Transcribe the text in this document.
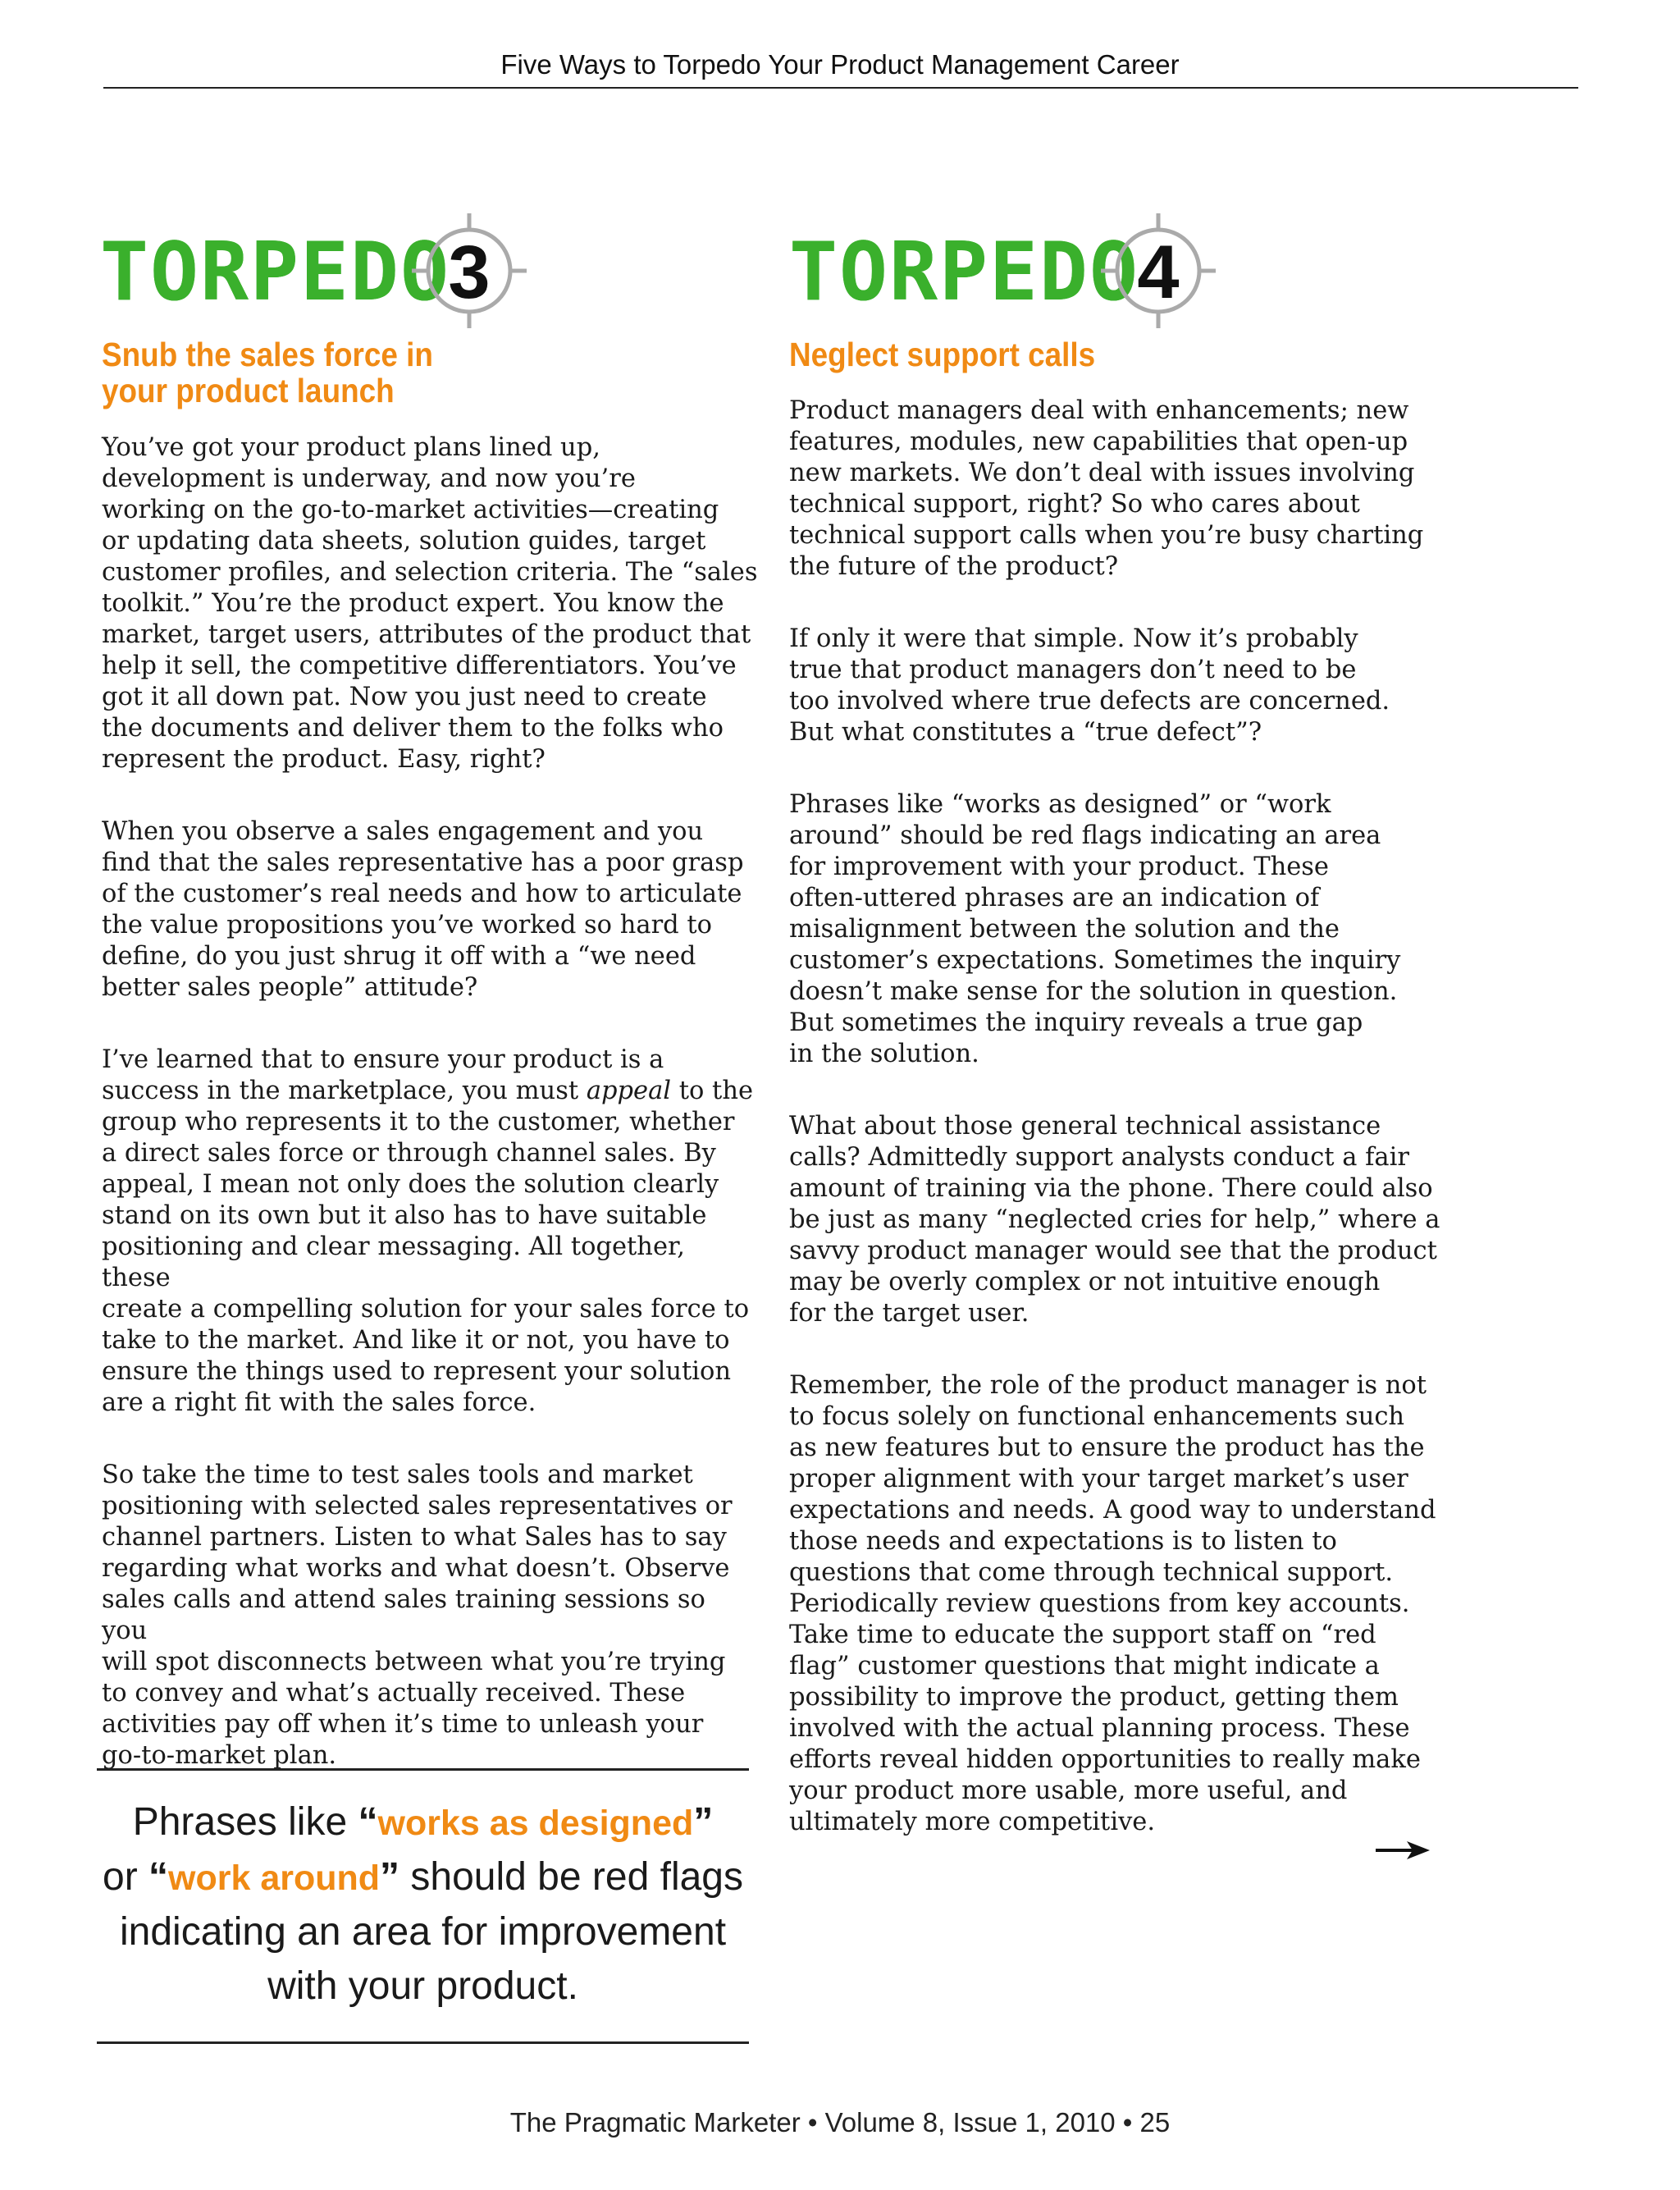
Five Ways to Torpedo Your Product Management Career
TORPEDO
3
Snub the sales force in
your product launch

You’ve got your product plans lined up,
development is underway, and now you’re
working on the go-to-market activities—creating
or updating data sheets, solution guides, target
customer profiles, and selection criteria. The “sales
toolkit.” You’re the product expert. You know the
market, target users, attributes of the product that
help it sell, the competitive differentiators. You’ve
got it all down pat. Now you just need to create
the documents and deliver them to the folks who
represent the product. Easy, right?

When you observe a sales engagement and you
find that the sales representative has a poor grasp
of the customer’s real needs and how to articulate
the value propositions you’ve worked so hard to
define, do you just shrug it off with a “we need
better sales people” attitude?

I’ve learned that to ensure your product is a
success in the marketplace, you must appeal to the
group who represents it to the customer, whether
a direct sales force or through channel sales. By
appeal, I mean not only does the solution clearly
stand on its own but it also has to have suitable
positioning and clear messaging. All together, these
create a compelling solution for your sales force to
take to the market. And like it or not, you have to
ensure the things used to represent your solution
are a right fit with the sales force.

So take the time to test sales tools and market
positioning with selected sales representatives or
channel partners. Listen to what Sales has to say
regarding what works and what doesn’t. Observe
sales calls and attend sales training sessions so you
will spot disconnects between what you’re trying
to convey and what’s actually received. These
activities pay off when it’s time to unleash your
go-to-market plan.

TORPEDO
4
Neglect support calls

Product managers deal with enhancements; new
features, modules, new capabilities that open-up
new markets. We don’t deal with issues involving
technical support, right? So who cares about
technical support calls when you’re busy charting
the future of the product?

If only it were that simple. Now it’s probably
true that product managers don’t need to be
too involved where true defects are concerned.
But what constitutes a “true defect”?

Phrases like “works as designed” or “work
around” should be red flags indicating an area
for improvement with your product. These
often-uttered phrases are an indication of
misalignment between the solution and the
customer’s expectations. Sometimes the inquiry
doesn’t make sense for the solution in question.
But sometimes the inquiry reveals a true gap
in the solution.

What about those general technical assistance
calls? Admittedly support analysts conduct a fair
amount of training via the phone. There could also
be just as many “neglected cries for help,” where a
savvy product manager would see that the product
may be overly complex or not intuitive enough
for the target user.

Remember, the role of the product manager is not
to focus solely on functional enhancements such
as new features but to ensure the product has the
proper alignment with your target market’s user
expectations and needs. A good way to understand
those needs and expectations is to listen to
questions that come through technical support.
Periodically review questions from key accounts.
Take time to educate the support staff on “red
flag” customer questions that might indicate a
possibility to improve the product, getting them
involved with the actual planning process. These
efforts reveal hidden opportunities to really make
your product more usable, more useful, and
ultimately more competitive.

Phrases like “works as designed”
or “work around” should be red flags
indicating an area for improvement
with your product.
The Pragmatic Marketer • Volume 8, Issue 1, 2010 • 25
